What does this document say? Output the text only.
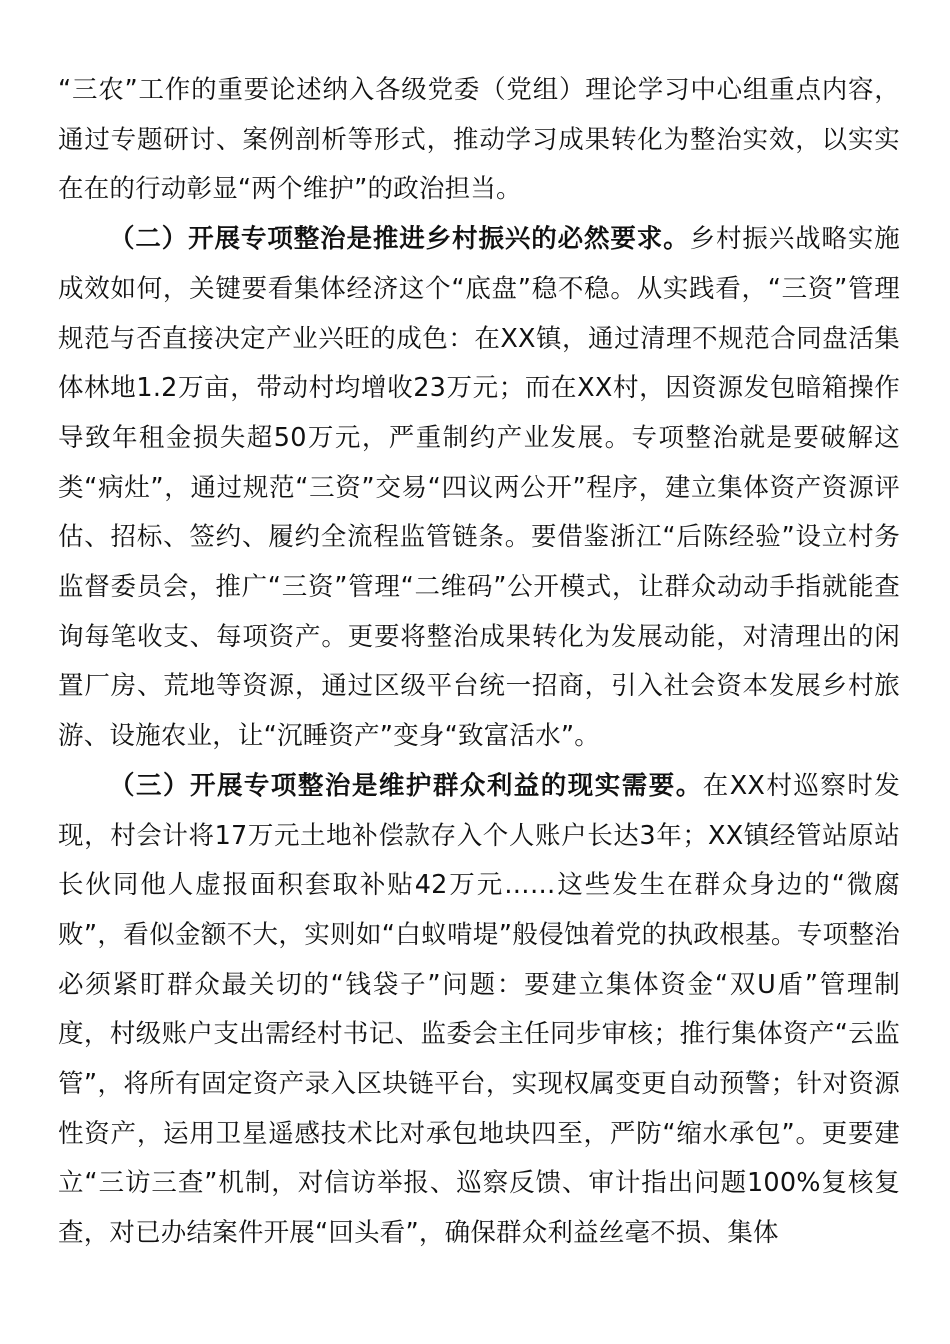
“三农”工作的重要论述纳入各级党委（党组）理论学习中心组重点内容，通过专题研讨、案例剖析等形式，推动学习成果转化为整治实效，以实实在在的行动彰显“两个维护”的政治担当。

（二）开展专项整治是推进乡村振兴的必然要求。乡村振兴战略实施成效如何，关键要看集体经济这个“底盘”稳不稳。从实践看，“三资”管理规范与否直接决定产业兴旺的成色：在XX镇，通过清理不规范合同盘活集体林地1.2万亩，带动村均增收23万元；而在XX村，因资源发包暗箱操作导致年租金损失超50万元，严重制约产业发展。专项整治就是要破解这类“病灶”，通过规范“三资”交易“四议两公开”程序，建立集体资产资源评估、招标、签约、履约全流程监管链条。要借鉴浙江“后陈经验”设立村务监督委员会，推广“三资”管理“二维码”公开模式，让群众动动手指就能查询每笔收支、每项资产。更要将整治成果转化为发展动能，对清理出的闲置厂房、荒地等资源，通过区级平台统一招商，引入社会资本发展乡村旅游、设施农业，让“沉睡资产”变身“致富活水”。

（三）开展专项整治是维护群众利益的现实需要。在XX村巡察时发现，村会计将17万元土地补偿款存入个人账户长达3年；XX镇经管站原站长伙同他人虚报面积套取补贴42万元……这些发生在群众身边的“微腐败”，看似金额不大，实则如“白蚁啃堤”般侵蚀着党的执政根基。专项整治必须紧盯群众最关切的“钱袋子”问题：要建立集体资金“双U盾”管理制度，村级账户支出需经村书记、监委会主任同步审核；推行集体资产“云监管”，将所有固定资产录入区块链平台，实现权属变更自动预警；针对资源性资产，运用卫星遥感技术比对承包地块四至，严防“缩水承包”。更要建立“三访三查”机制，对信访举报、巡察反馈、审计指出问题100%复核复查，对已办结案件开展“回头看”，确保群众利益丝毫不损、集体
